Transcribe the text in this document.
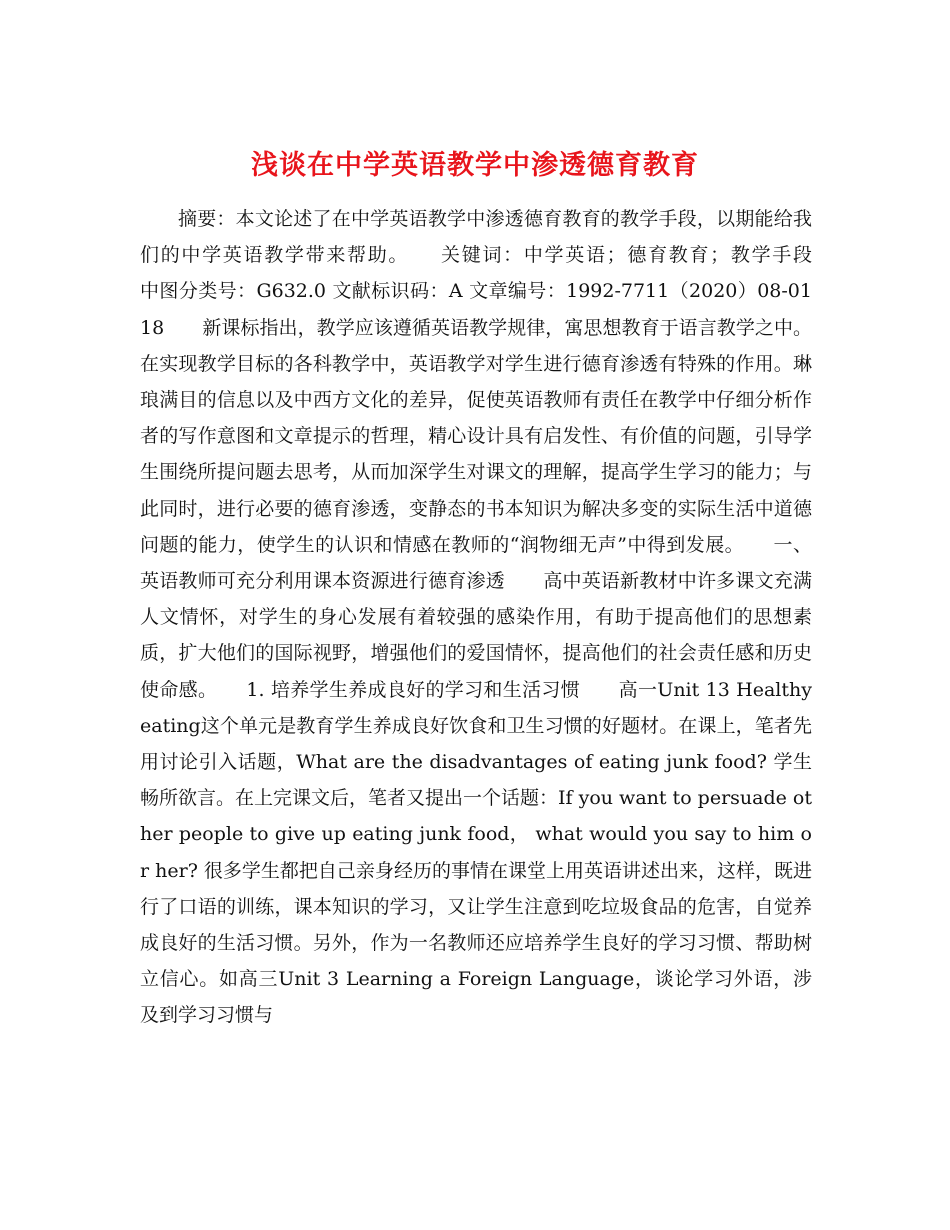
浅谈在中学英语教学中渗透德育教育

摘要：本文论述了在中学英语教学中渗透德育教育的教学手段，以期能给我们的中学英语教学带来帮助。　　关键词：中学英语；德育教育；教学手段　　中图分类号：G632.0 文献标识码：A 文章编号：1992-7711（2020）08-0118　　新课标指出，教学应该遵循英语教学规律，寓思想教育于语言教学之中。在实现教学目标的各科教学中，英语教学对学生进行德育渗透有特殊的作用。琳琅满目的信息以及中西方文化的差异，促使英语教师有责任在教学中仔细分析作者的写作意图和文章提示的哲理，精心设计具有启发性、有价值的问题，引导学生围绕所提问题去思考，从而加深学生对课文的理解，提高学生学习的能力；与此同时，进行必要的德育渗透，变静态的书本知识为解决多变的实际生活中道德问题的能力，使学生的认识和情感在教师的“润物细无声”中得到发展。　　一、英语教师可充分利用课本资源进行德育渗透　　高中英语新教材中许多课文充满人文情怀，对学生的身心发展有着较强的感染作用，有助于提高他们的思想素质，扩大他们的国际视野，增强他们的爱国情怀，提高他们的社会责任感和历史使命感。　　1. 培养学生养成良好的学习和生活习惯　　高一Unit 13 Healthy eating这个单元是教育学生养成良好饮食和卫生习惯的好题材。在课上，笔者先用讨论引入话题，What are the disadvantages of eating junk food? 学生畅所欲言。在上完课文后，笔者又提出一个话题：If you want to persuade other people to give up eating junk food， what would you say to him or her? 很多学生都把自己亲身经历的事情在课堂上用英语讲述出来，这样，既进行了口语的训练，课本知识的学习，又让学生注意到吃垃圾食品的危害，自觉养成良好的生活习惯。另外，作为一名教师还应培养学生良好的学习习惯、帮助树立信心。如高三Unit 3 Learning a Foreign Language，谈论学习外语，涉及到学习习惯与
